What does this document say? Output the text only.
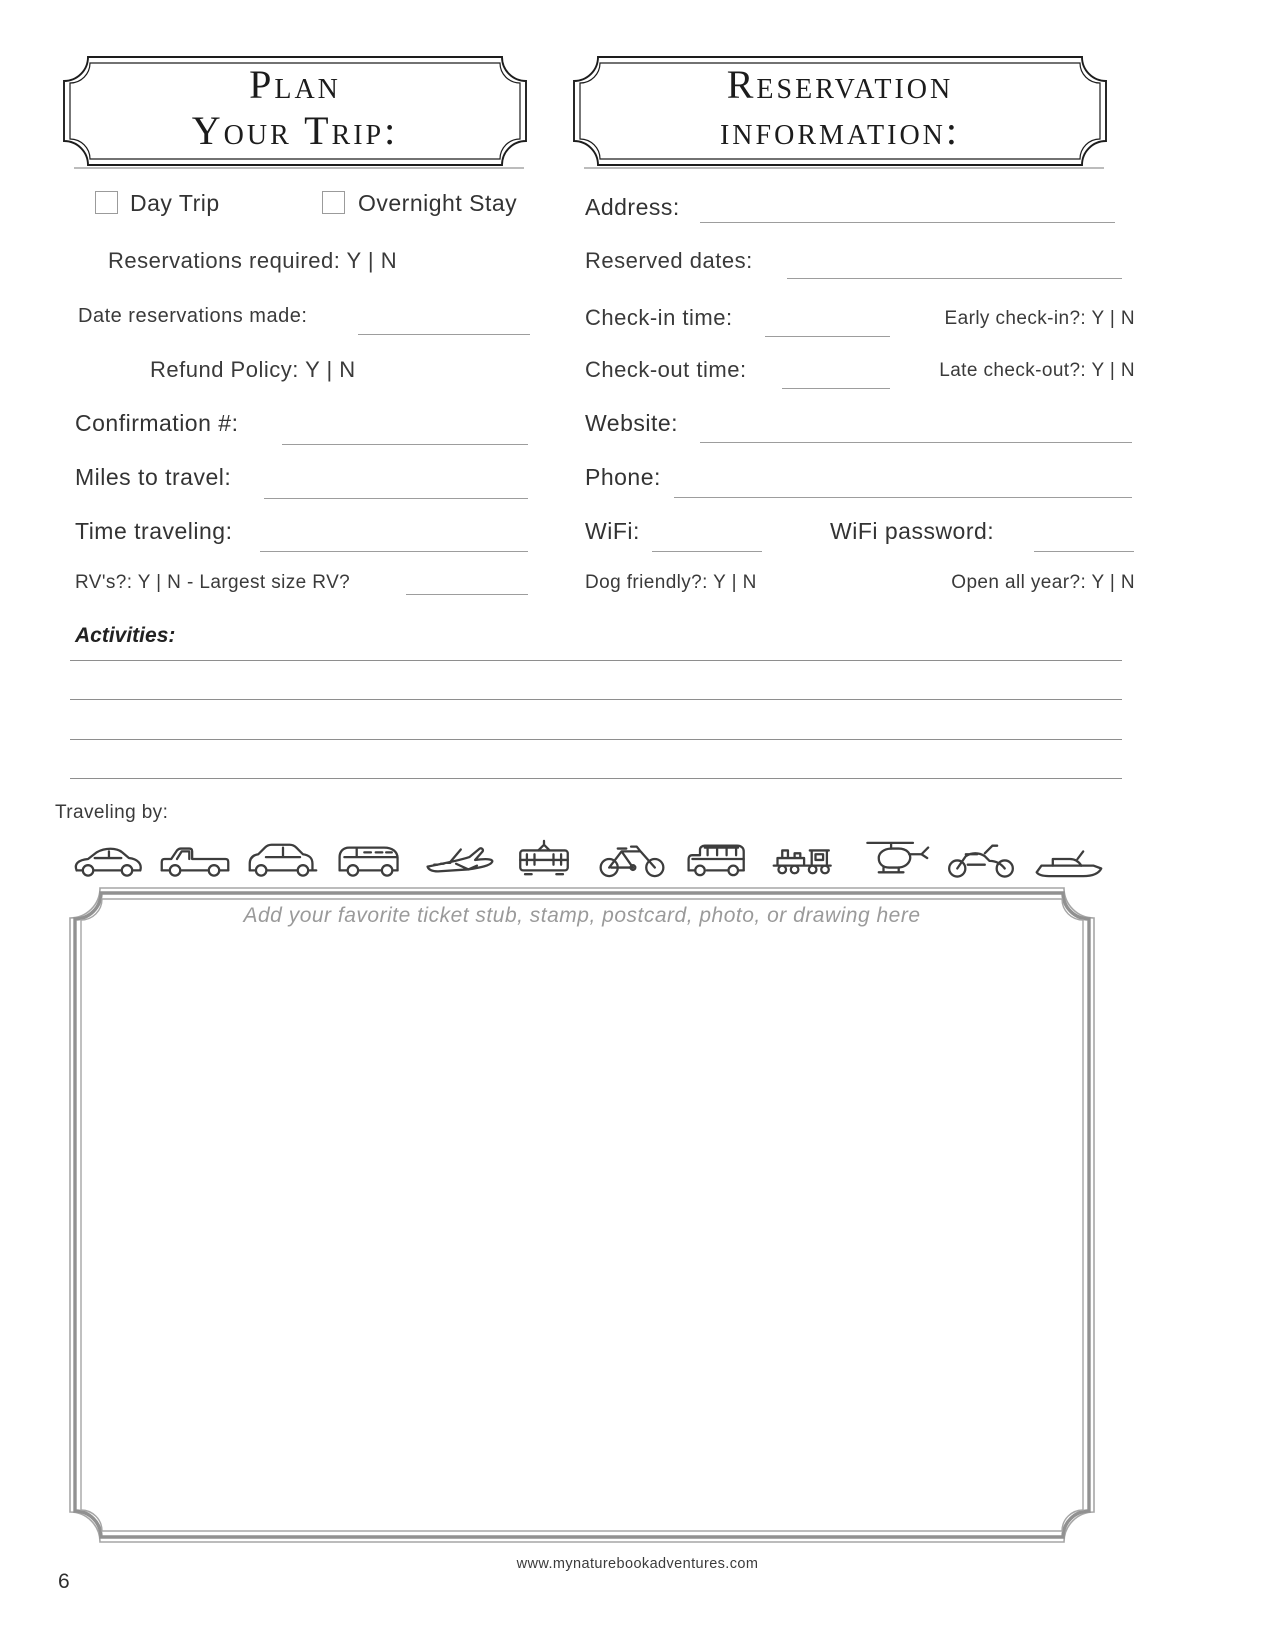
Plan
Your Trip:
Reservation
information:
Day Trip	Overnight Stay
Reservations required: Y | N
Date reservations made:
Refund Policy: Y | N
Confirmation #:
Miles to travel:
Time traveling:
RV's?: Y | N - Largest size RV?
Address:
Reserved dates:
Check-in time:	Early check-in?: Y | N
Check-out time:	Late check-out?: Y | N
Website:
Phone:
WiFi:	WiFi password:
Dog friendly?: Y | N	Open all year?: Y | N
Activities:
Traveling by:
Add your favorite ticket stub, stamp, postcard, photo, or drawing here
www.mynaturebookadventures.com
6
